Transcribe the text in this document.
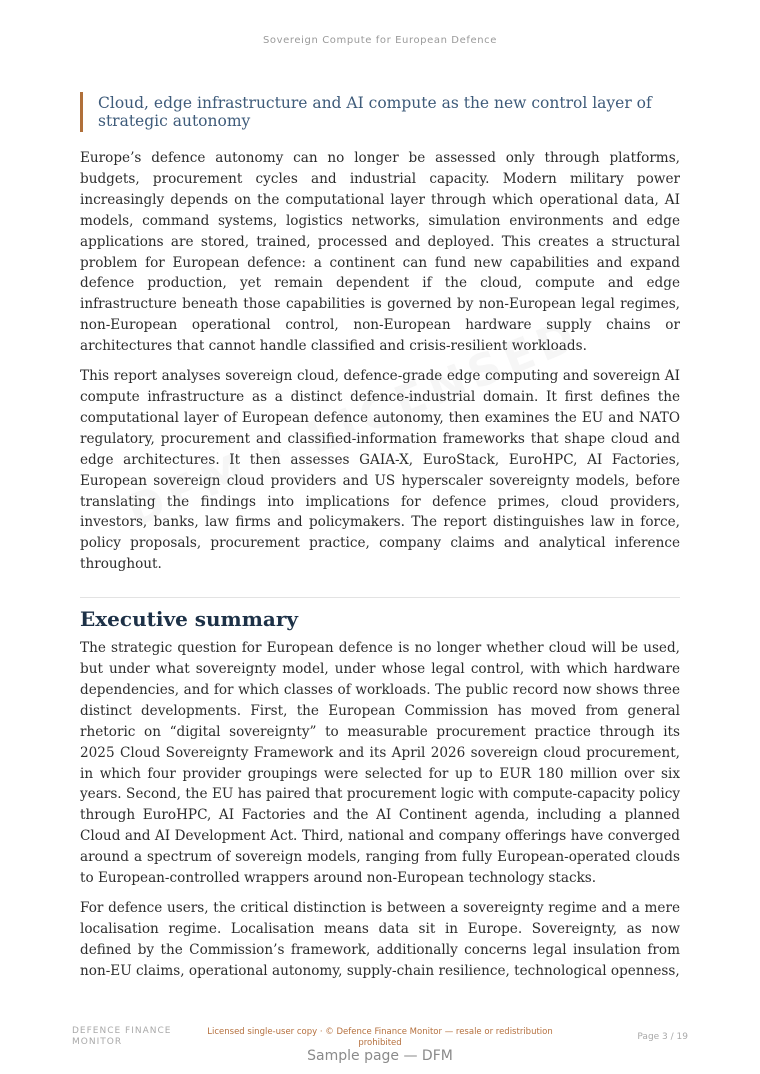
Sovereign Compute for European Defence
Cloud, edge infrastructure and AI compute as the new control layer of strategic autonomy

Europe’s defence autonomy can no longer be assessed only through platforms, budgets, procurement cycles and industrial capacity. Modern military power increasingly depends on the computational layer through which operational data, AI models, command systems, logistics networks, simulation environments and edge applications are stored, trained, processed and deployed. This creates a structural problem for European defence: a continent can fund new capabilities and expand defence production, yet remain dependent if the cloud, compute and edge infrastructure beneath those capabilities is governed by non-European legal regimes, non-European operational control, non-European hardware supply chains or architectures that cannot handle classified and crisis-resilient workloads.

This report analyses sovereign cloud, defence-grade edge computing and sovereign AI compute infrastructure as a distinct defence-industrial domain. It first defines the computational layer of European defence autonomy, then examines the EU and NATO regulatory, procurement and classified-information frameworks that shape cloud and edge architectures. It then assesses GAIA-X, EuroStack, EuroHPC, AI Factories, European sovereign cloud providers and US hyperscaler sovereignty models, before translating the findings into implications for defence primes, cloud providers, investors, banks, law firms and policymakers. The report distinguishes law in force, policy proposals, procurement practice, company claims and analytical inference throughout.

Executive summary

The strategic question for European defence is no longer whether cloud will be used, but under what sovereignty model, under whose legal control, with which hardware dependencies, and for which classes of workloads. The public record now shows three distinct developments. First, the European Commission has moved from general rhetoric on “digital sovereignty” to measurable procurement practice through its 2025 Cloud Sovereignty Framework and its April 2026 sovereign cloud procurement, in which four provider groupings were selected for up to EUR 180 million over six years. Second, the EU has paired that procurement logic with compute-capacity policy through EuroHPC, AI Factories and the AI Continent agenda, including a planned Cloud and AI Development Act. Third, national and company offerings have converged around a spectrum of sovereign models, ranging from fully European-operated clouds to European-controlled wrappers around non-European technology stacks.

For defence users, the critical distinction is between a sovereignty regime and a mere localisation regime. Localisation means data sit in Europe. Sovereignty, as now defined by the Commission’s framework, additionally concerns legal insulation from non-EU claims, operational autonomy, supply-chain resilience, technological openness,

DEFENCE FINANCE
MONITOR
Licensed single-user copy · © Defence Finance Monitor — resale or redistribution prohibited
Page 3 / 19
Sample page — DFM
